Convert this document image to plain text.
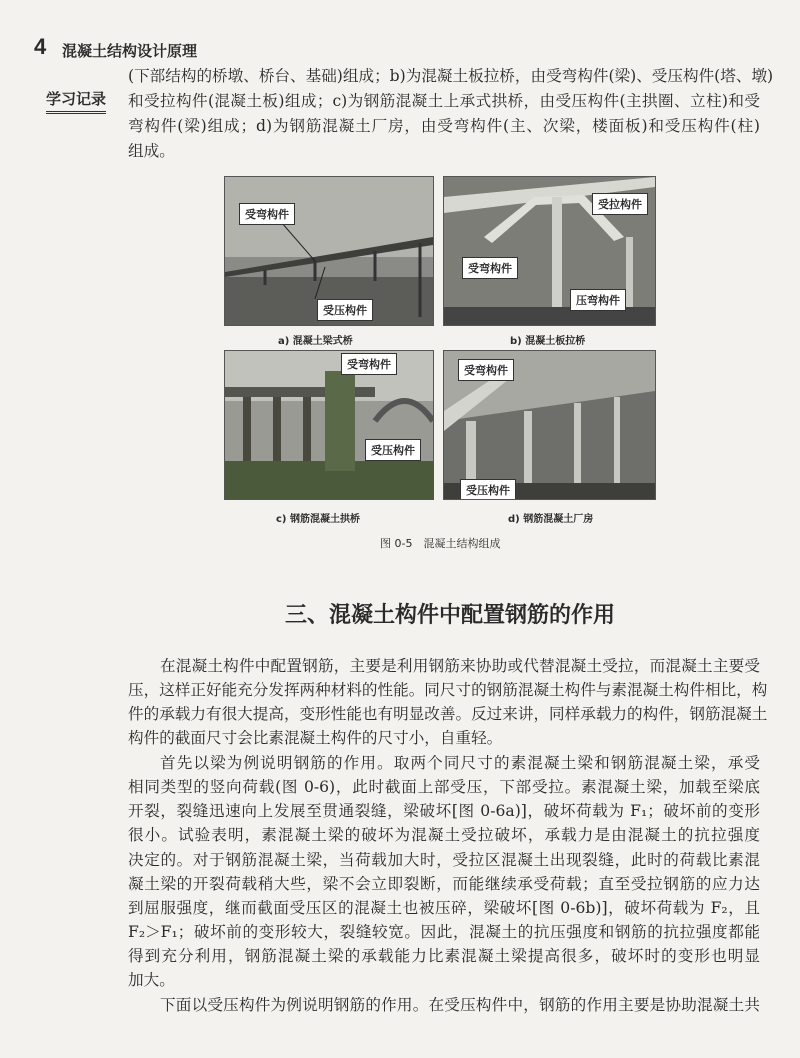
4 混凝土结构设计原理
学习记录
(下部结构的桥墩、桥台、基础)组成；b)为混凝土板拉桥，由受弯构件(梁)、受压构件(塔、墩)
和受拉构件(混凝土板)组成；c)为钢筋混凝土上承式拱桥，由受压构件(主拱圈、立柱)和受
弯构件(梁)组成；d)为钢筋混凝土厂房，由受弯构件(主、次梁，楼面板)和受压构件(柱)
组成。
受弯构件
受压构件
a) 混凝土梁式桥
受拉构件
受弯构件
压弯构件
b) 混凝土板拉桥
受弯构件
受压构件
c) 钢筋混凝土拱桥
受弯构件
受压构件
d) 钢筋混凝土厂房
图 0-5　混凝土结构组成
三、混凝土构件中配置钢筋的作用
在混凝土构件中配置钢筋，主要是利用钢筋来协助或代替混凝土受拉，而混凝土主要受
压，这样正好能充分发挥两种材料的性能。同尺寸的钢筋混凝土构件与素混凝土构件相比，构
件的承载力有很大提高，变形性能也有明显改善。反过来讲，同样承载力的构件，钢筋混凝土
构件的截面尺寸会比素混凝土构件的尺寸小，自重轻。
首先以梁为例说明钢筋的作用。取两个同尺寸的素混凝土梁和钢筋混凝土梁，承受
相同类型的竖向荷载(图 0-6)，此时截面上部受压，下部受拉。素混凝土梁，加载至梁底
开裂，裂缝迅速向上发展至贯通裂缝，梁破坏[图 0-6a)]，破坏荷载为 F₁；破坏前的变形
很小。试验表明，素混凝土梁的破坏为混凝土受拉破坏，承载力是由混凝土的抗拉强度
决定的。对于钢筋混凝土梁，当荷载加大时，受拉区混凝土出现裂缝，此时的荷载比素混
凝土梁的开裂荷载稍大些，梁不会立即裂断，而能继续承受荷载；直至受拉钢筋的应力达
到屈服强度，继而截面受压区的混凝土也被压碎，梁破坏[图 0-6b)]，破坏荷载为 F₂，且
F₂＞F₁；破坏前的变形较大，裂缝较宽。因此，混凝土的抗压强度和钢筋的抗拉强度都能
得到充分利用，钢筋混凝土梁的承载能力比素混凝土梁提高很多，破坏时的变形也明显
加大。
下面以受压构件为例说明钢筋的作用。在受压构件中，钢筋的作用主要是协助混凝土共
